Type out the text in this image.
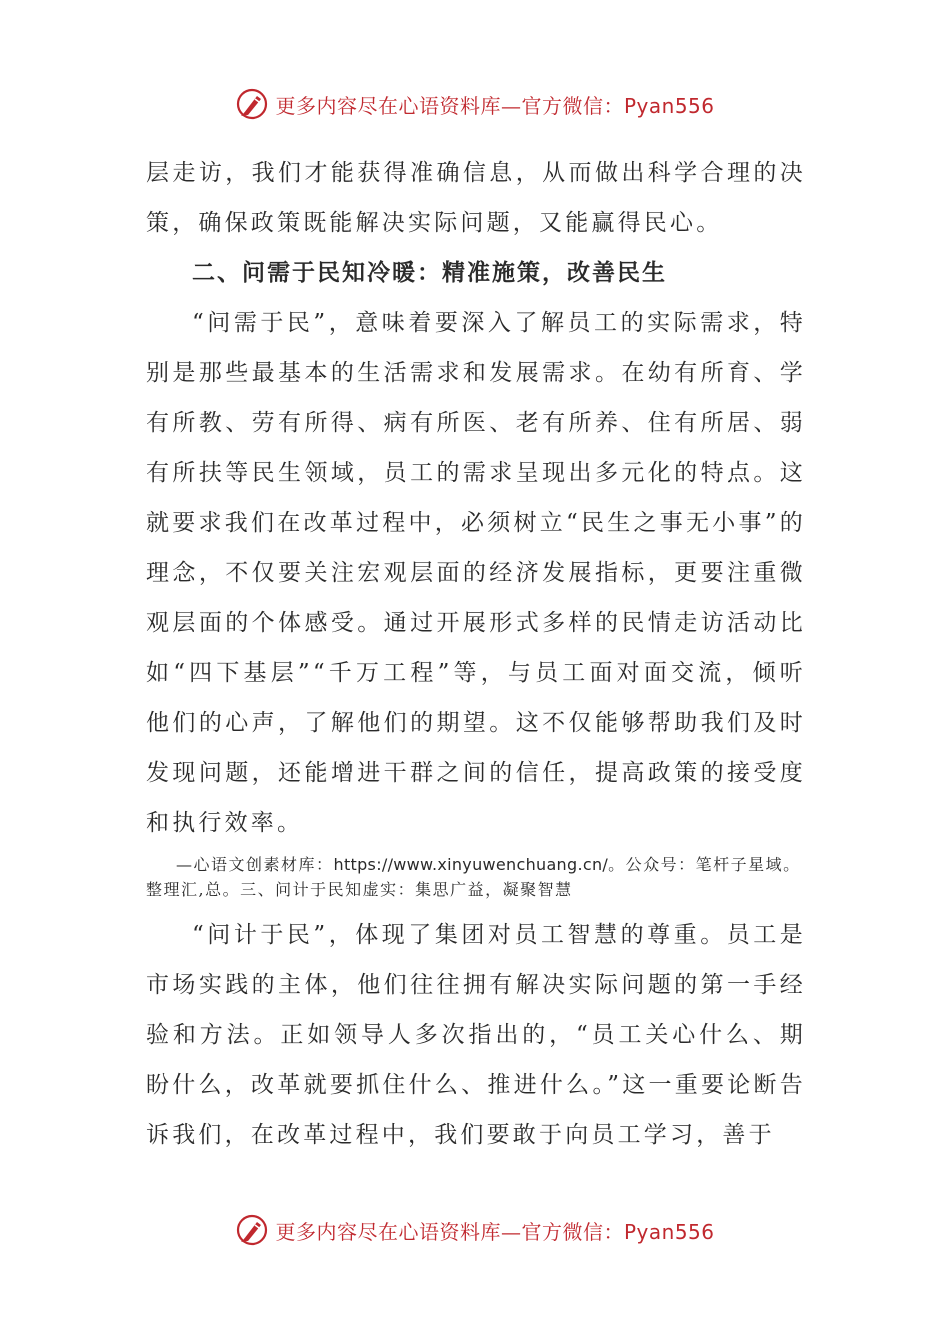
更多内容尽在心语资料库—官方微信：Pyan556

层走访，我们才能获得准确信息，从而做出科学合理的决策，确保政策既能解决实际问题，又能赢得民心。

二、问需于民知冷暖：精准施策，改善民生

“问需于民”，意味着要深入了解员工的实际需求，特别是那些最基本的生活需求和发展需求。在幼有所育、学有所教、劳有所得、病有所医、老有所养、住有所居、弱有所扶等民生领域，员工的需求呈现出多元化的特点。这就要求我们在改革过程中，必须树立“民生之事无小事”的理念，不仅要关注宏观层面的经济发展指标，更要注重微观层面的个体感受。通过开展形式多样的民情走访活动比如“四下基层”“千万工程”等，与员工面对面交流，倾听他们的心声，了解他们的期望。这不仅能够帮助我们及时发现问题，还能增进干群之间的信任，提高政策的接受度和执行效率。

—心语文创素材库：https://www.xinyuwenchuang.cn/。公众号：笔杆子星域。整理汇,总。三、问计于民知虚实：集思广益，凝聚智慧

“问计于民”，体现了集团对员工智慧的尊重。员工是市场实践的主体，他们往往拥有解决实际问题的第一手经验和方法。正如领导人多次指出的，“员工关心什么、期盼什么，改革就要抓住什么、推进什么。”这一重要论断告诉我们，在改革过程中，我们要敢于向员工学习，善于

更多内容尽在心语资料库—官方微信：Pyan556
